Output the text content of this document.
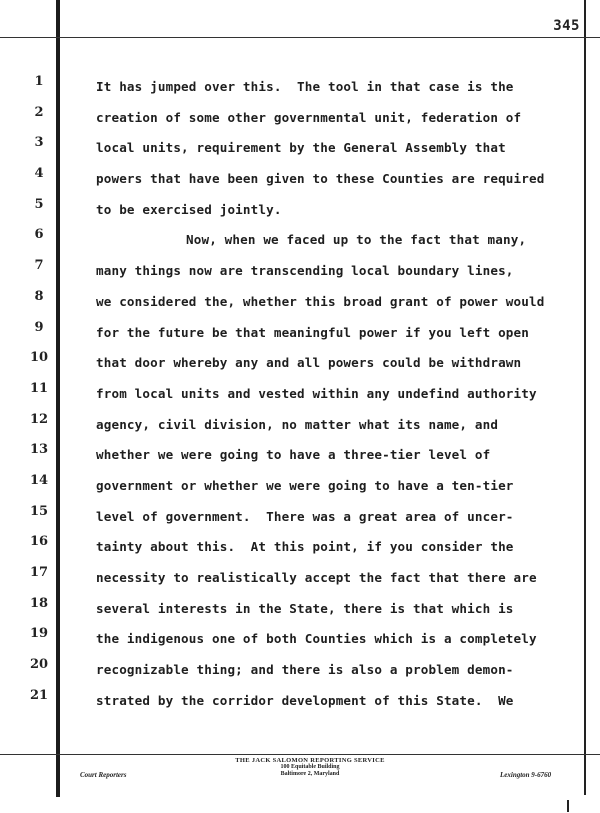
345
1
2
3
4
5
6
7
8
9
10
11
12
13
14
15
16
17
18
19
20
21
It has jumped over this.  The tool in that case is the
creation of some other governmental unit, federation of
local units, requirement by the General Assembly that
powers that have been given to these Counties are required
to be exercised jointly.
Now, when we faced up to the fact that many,
many things now are transcending local boundary lines,
we considered the, whether this broad grant of power would
for the future be that meaningful power if you left open
that door whereby any and all powers could be withdrawn
from local units and vested within any undefind authority
agency, civil division, no matter what its name, and
whether we were going to have a three-tier level of
government or whether we were going to have a ten-tier
level of government.  There was a great area of uncer-
tainty about this.  At this point, if you consider the
necessity to realistically accept the fact that there are
several interests in the State, there is that which is
the indigenous one of both Counties which is a completely
recognizable thing; and there is also a problem demon-
strated by the corridor development of this State.  We
Court Reporters
THE JACK SALOMON REPORTING SERVICE
100 Equitable Building
Baltimore 2, Maryland	Lexington 9-6760
